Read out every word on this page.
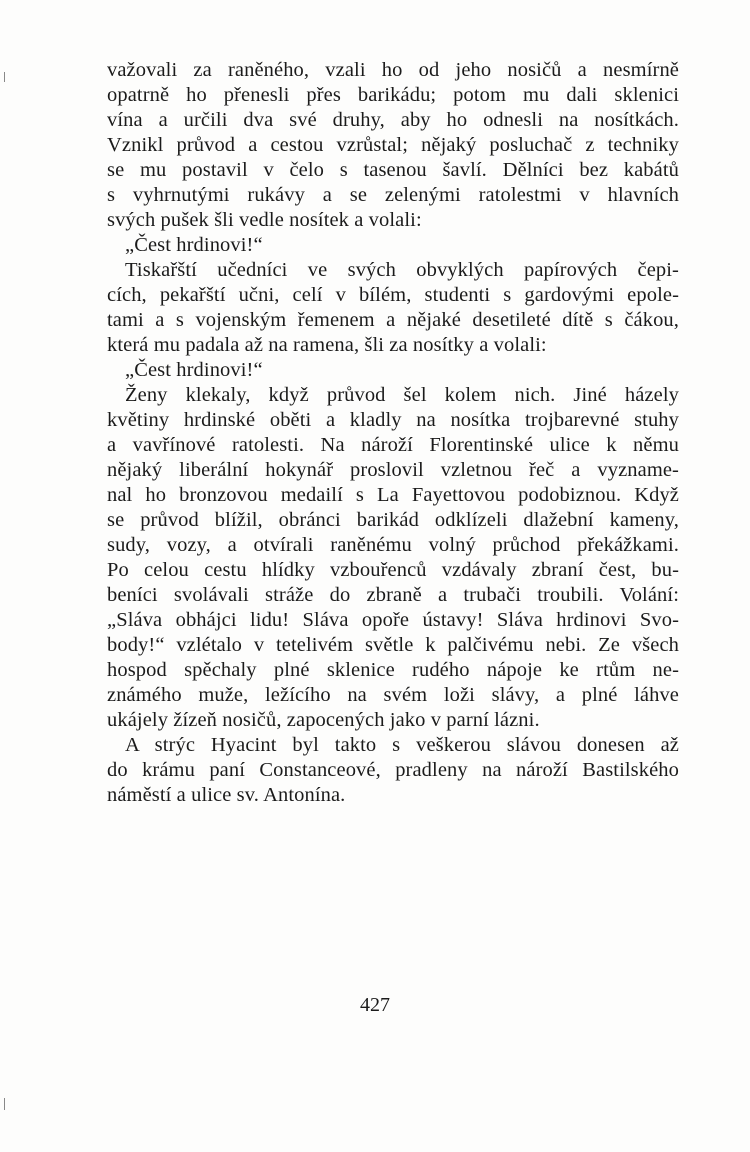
važovali za raněného, vzali ho od jeho nosičů a nesmírně
opatrně ho přenesli přes barikádu; potom mu dali sklenici
vína a určili dva své druhy, aby ho odnesli na nosítkách.
Vznikl průvod a cestou vzrůstal; nějaký posluchač z techniky
se mu postavil v čelo s tasenou šavlí. Dělníci bez kabátů
s vyhrnutými rukávy a se zelenými ratolestmi v hlavních
svých pušek šli vedle nosítek a volali:
„Čest hrdinovi!“
Tiskařští učedníci ve svých obvyklých papírových čepi-
cích, pekařští učni, celí v bílém, studenti s gardovými epole-
tami a s vojenským řemenem a nějaké desetileté dítě s čákou,
která mu padala až na ramena, šli za nosítky a volali:
„Čest hrdinovi!“
Ženy klekaly, když průvod šel kolem nich. Jiné házely
květiny hrdinské oběti a kladly na nosítka trojbarevné stuhy
a vavřínové ratolesti. Na nároží Florentinské ulice k němu
nějaký liberální hokynář proslovil vzletnou řeč a vyzname-
nal ho bronzovou medailí s La Fayettovou podobiznou. Když
se průvod blížil, obránci barikád odklízeli dlažební kameny,
sudy, vozy, a otvírali raněnému volný průchod překážkami.
Po celou cestu hlídky vzbouřenců vzdávaly zbraní čest, bu-
beníci svolávali stráže do zbraně a trubači troubili. Volání:
„Sláva obhájci lidu! Sláva opoře ústavy! Sláva hrdinovi Svo-
body!“ vzlétalo v tetelivém světle k palčivému nebi. Ze všech
hospod spěchaly plné sklenice rudého nápoje ke rtům ne-
známého muže, ležícího na svém loži slávy, a plné láhve
ukájely žízeň nosičů, zapocených jako v parní lázni.
A strýc Hyacint byl takto s veškerou slávou donesen až
do krámu paní Constanceové, pradleny na nároží Bastilského
náměstí a ulice sv. Antonína.
427
